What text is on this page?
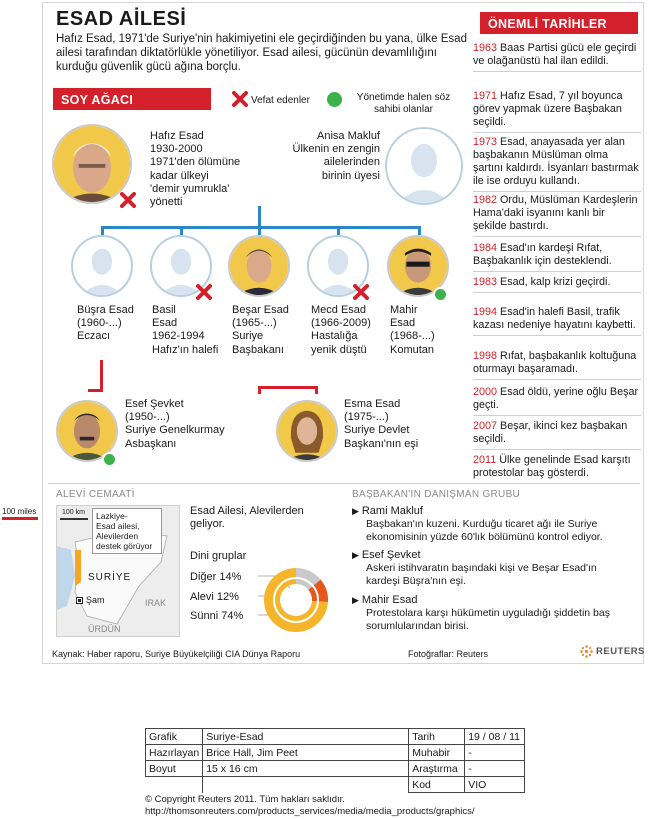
100 miles
ESAD AİLESİ
Hafız Esad, 1971'de Suriye'nin hakimiyetini ele geçirdiğinden bu yana, ülke Esad ailesi tarafından diktatörlükle yönetiliyor. Esad ailesi, gücünün devamlılığını kurduğu güvenlik gücü ağına borçlu.
SOY AĞACI	Vefat edenler	Yönetimde halen söz sahibi olanlar
Hafız Esad
1930-2000
1971'den ölümüne
kadar ülkeyi
'demir yumrukla'
yönetti
Anisa Makluf
Ülkenin en zengin
ailelerinden
birinin üyesi
Büşra Esad
(1960-...)
Eczacı
Basil
Esad
1962-1994
Hafız'ın halefi
Beşar Esad
(1965-...)
Suriye
Başbakanı
Mecd Esad
(1966-2009)
Hastalığa
yenik düştü
Mahir
Esad
(1968-...)
Komutan
Esef Şevket
(1950-...)
Suriye Genelkurmay
Asbaşkanı
Esma Esad
(1975-...)
Suriye Devlet
Başkanı'nın eşi
ÖNEMLİ TARİHLER
1963 Baas Partisi gücü ele geçirdi ve olağanüstü hal ilan edildi.
1971 Hafız Esad, 7 yıl boyunca görev yapmak üzere Başbakan seçildi.
1973 Esad, anayasada yer alan başbakanın Müslüman olma şartını kaldırdı. İsyanları bastırmak ile ise orduyu kullandı.
1982 Ordu, Müslüman Kardeşlerin Hama'daki isyanını kanlı bir şekilde bastırdı.
1984 Esad'ın kardeşi Rıfat, Başbakanlık için desteklendi.
1983 Esad, kalp krizi geçirdi.
1994 Esad'in halefi Basil, trafik kazası nedeniye hayatını kaybetti.
1998 Rıfat, başbakanlık koltuğuna oturmayı başaramadı.
2000 Esad öldü, yerine oğlu Beşar geçti.
2007 Beşar, ikinci kez başbakan seçildi.
2011 Ülke genelinde Esad karşıtı protestolar baş gösterdi.
ALEVİ CEMAATİ
100 km	Lazkiye-
Esad ailesi,
Alevilerden
destek görüyor
SURİYE
Şam	IRAK
ÜRDÜN
Esad Ailesi, Alevilerden geliyor.
Dini gruplar
Diğer 14%
Alevi 12%
Sünni 74%
BAŞBAKAN'IN DANIŞMAN GRUBU
▶ Rami Makluf

Başbakan'ın kuzeni. Kurduğu ticaret ağı ile Suriye ekonomisinin yüzde 60'lık bölümünü kontrol ediyor.
▶ Esef Şevket

Askeri istihvaratın başındaki kişi ve Beşar Esad'ın kardeşi Büşra'nın eşi.
▶ Mahir Esad

Protestolara karşı hükümetin uyguladığı şiddetin baş sorumlularından birisi.
Kaynak: Haber raporu, Suriye Büyükelçiliği CIA Dünya Raporu	Fotoğraflar: Reuters	REUTERS
Grafik	Suriye-Esad	Tarih	19 / 08 / 11
Hazırlayan	Brice Hall, Jim Peet	Muhabir	-
Boyut	15 x 16 cm	Araştırma	-
		Kod	VIO
© Copyright Reuters 2011. Tüm hakları saklıdır.
http://thomsonreuters.com/products_services/media/media_products/graphics/
